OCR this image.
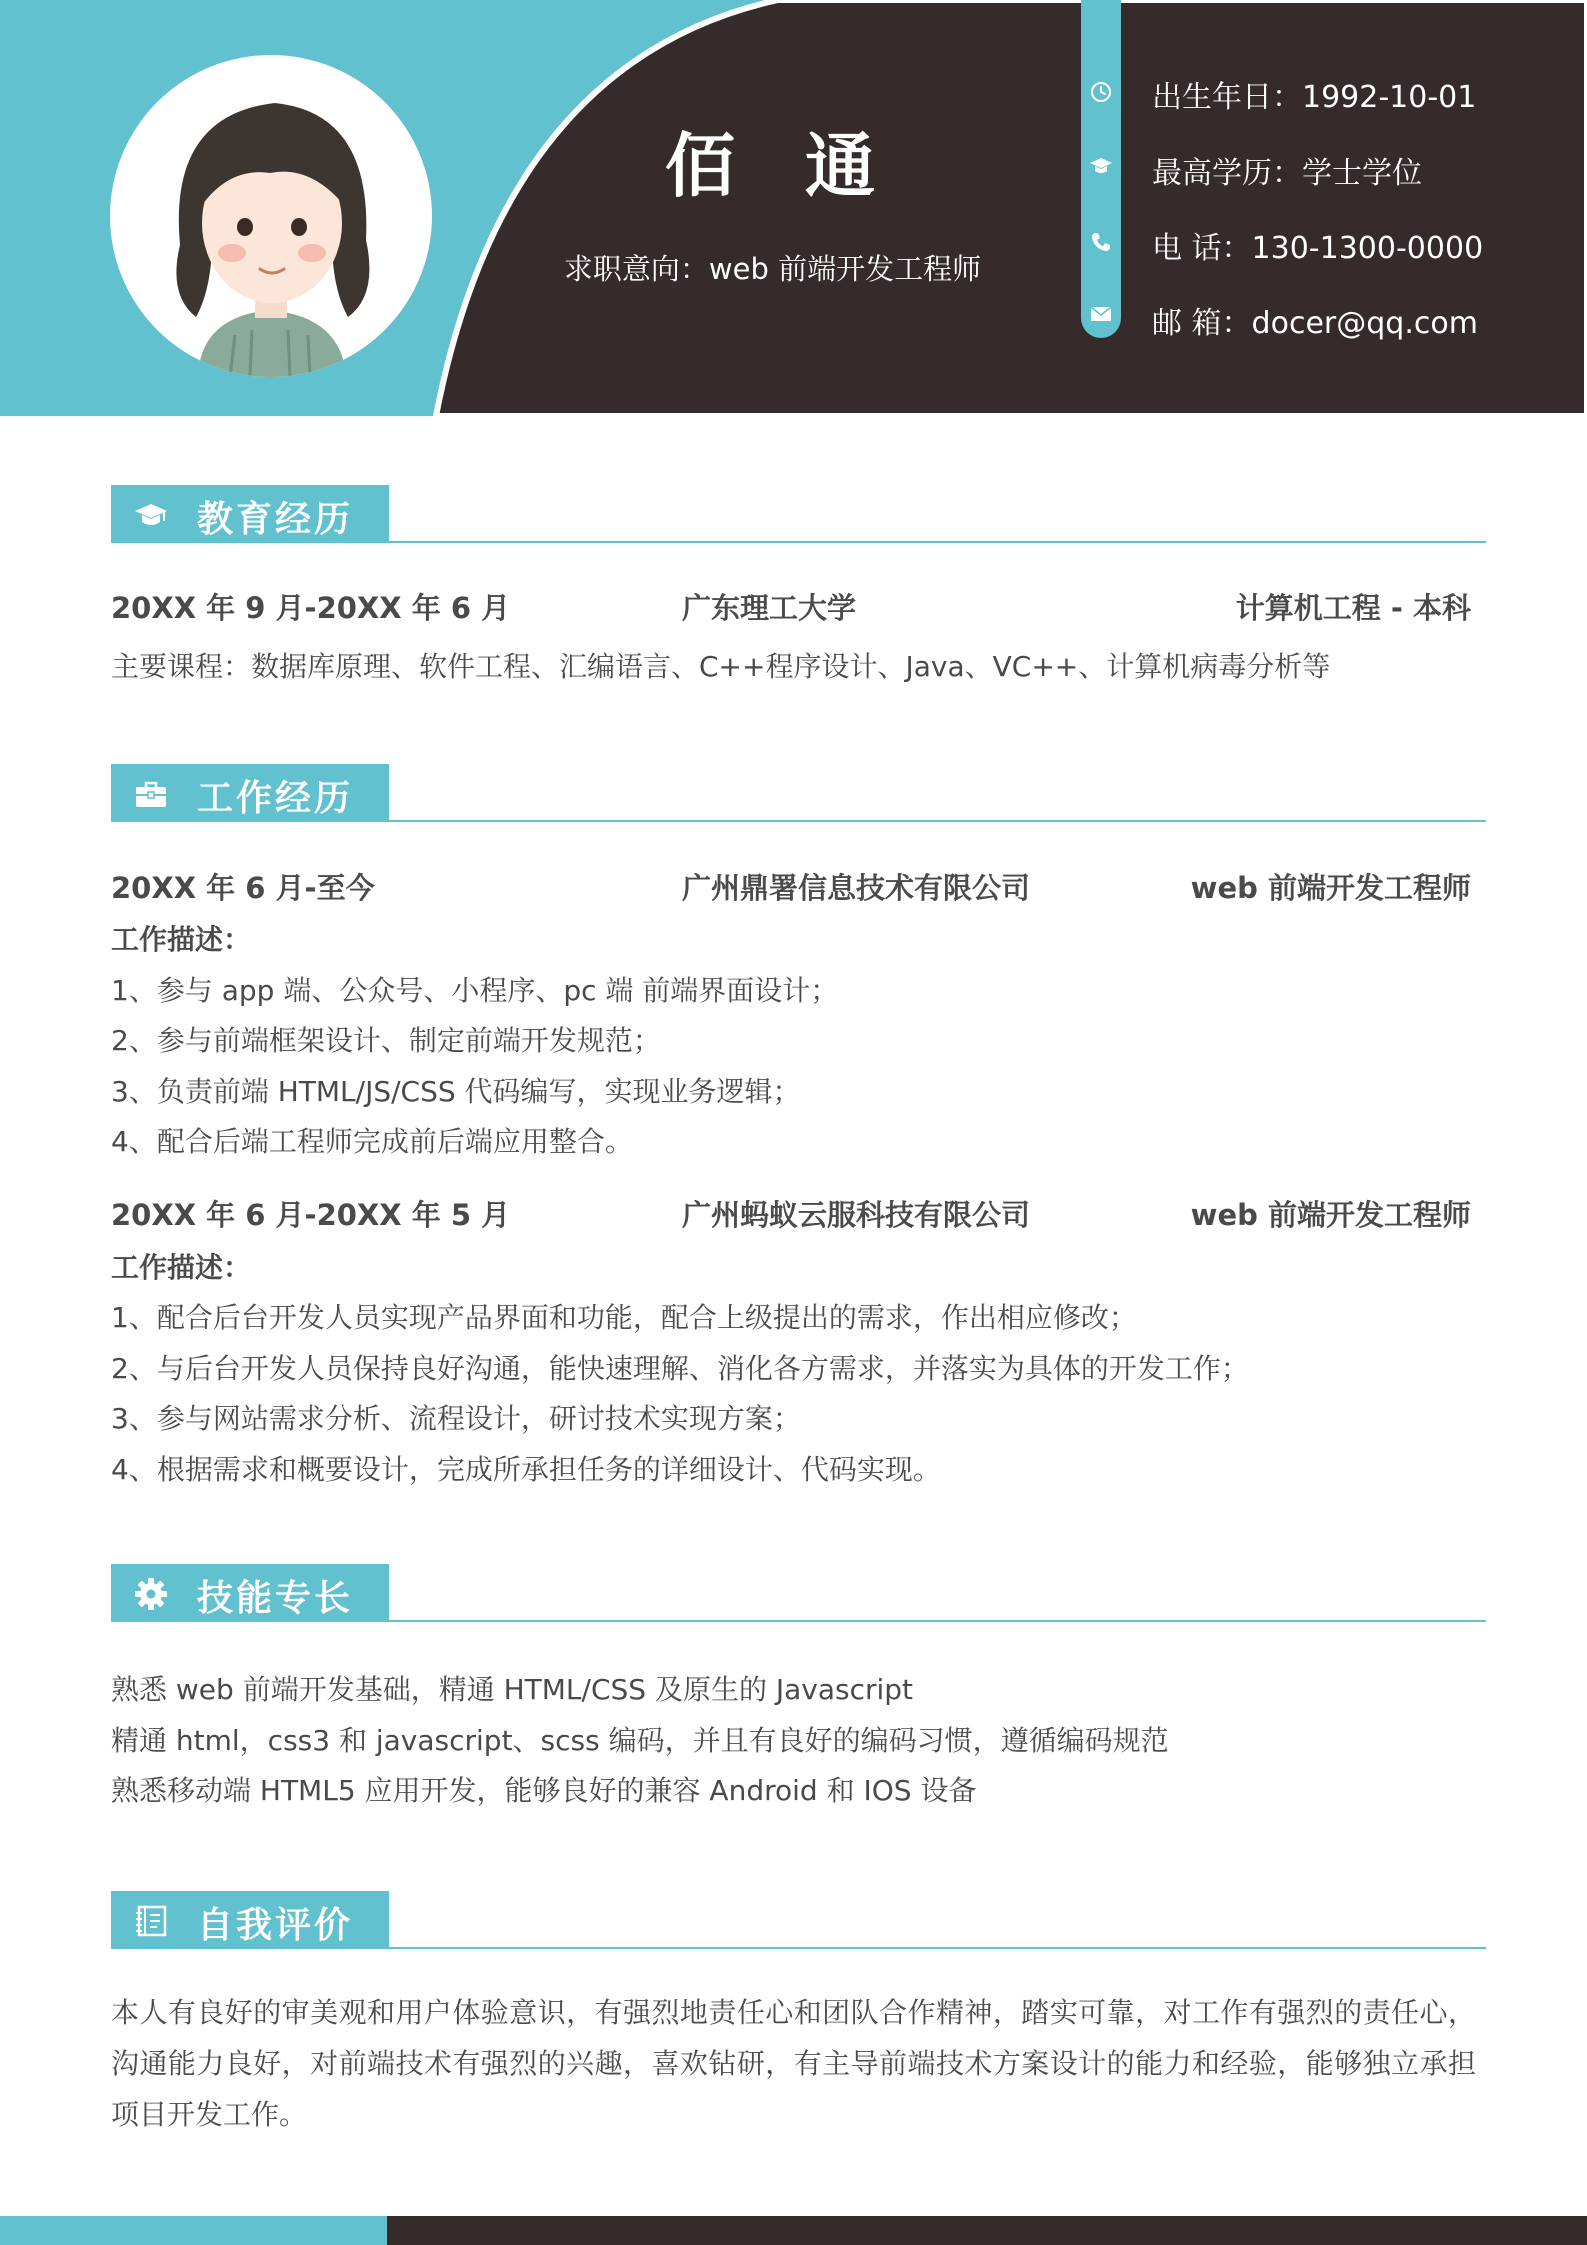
佰通
求职意向：web 前端开发工程师
出生年日：1992-10-01
最高学历：学士学位
电 话：130-1300-0000
邮 箱：docer@qq.com
教育经历
20XX 年 9 月-20XX 年 6 月	广东理工大学	计算机工程 - 本科
主要课程：数据库原理、软件工程、汇编语言、C++程序设计、Java、VC++、计算机病毒分析等
工作经历
20XX 年 6 月-至今	广州鼎署信息技术有限公司	web 前端开发工程师
工作描述：
1、参与 app 端、公众号、小程序、pc 端 前端界面设计；
2、参与前端框架设计、制定前端开发规范；
3、负责前端 HTML/JS/CSS 代码编写，实现业务逻辑；
4、配合后端工程师完成前后端应用整合。
20XX 年 6 月-20XX 年 5 月	广州蚂蚁云服科技有限公司	web 前端开发工程师
工作描述：
1、配合后台开发人员实现产品界面和功能，配合上级提出的需求，作出相应修改；
2、与后台开发人员保持良好沟通，能快速理解、消化各方需求，并落实为具体的开发工作；
3、参与网站需求分析、流程设计，研讨技术实现方案；
4、根据需求和概要设计，完成所承担任务的详细设计、代码实现。
技能专长
熟悉 web 前端开发基础，精通 HTML/CSS 及原生的 Javascript
精通 html，css3 和 javascript、scss 编码，并且有良好的编码习惯，遵循编码规范
熟悉移动端 HTML5 应用开发，能够良好的兼容 Android 和 IOS 设备
自我评价
本人有良好的审美观和用户体验意识，有强烈地责任心和团队合作精神，踏实可靠，对工作有强烈的责任心，沟通能力良好，对前端技术有强烈的兴趣，喜欢钻研，有主导前端技术方案设计的能力和经验，能够独立承担项目开发工作。
